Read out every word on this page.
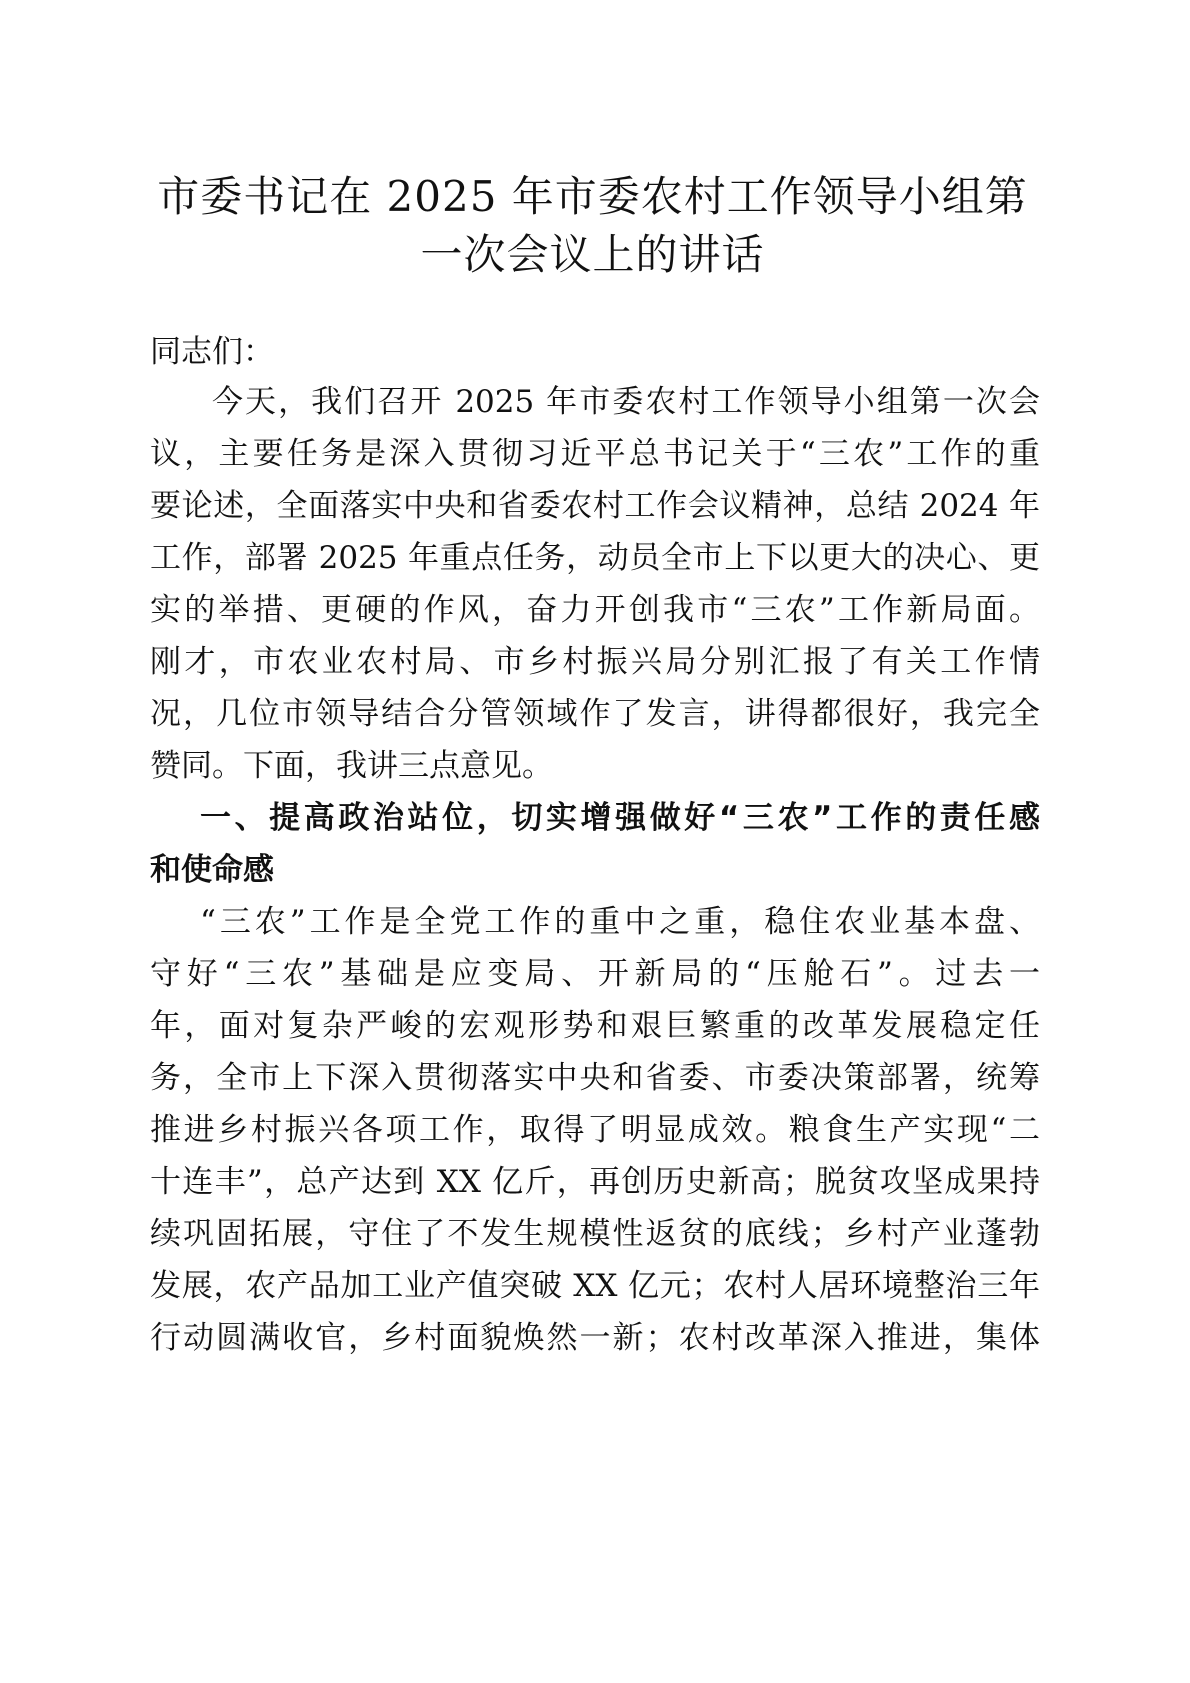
市委书记在 2025 年市委农村工作领导小组第
一次会议上的讲话
同志们：
今天，我们召开 2025 年市委农村工作领导小组第一次会
议，主要任务是深入贯彻习近平总书记关于“三农”工作的重
要论述，全面落实中央和省委农村工作会议精神，总结 2024 年
工作，部署 2025 年重点任务，动员全市上下以更大的决心、更
实的举措、更硬的作风，奋力开创我市“三农”工作新局面。
刚才，市农业农村局、市乡村振兴局分别汇报了有关工作情
况，几位市领导结合分管领域作了发言，讲得都很好，我完全
赞同。下面，我讲三点意见。
一、提高政治站位，切实增强做好“三农”工作的责任感
和使命感
“三农”工作是全党工作的重中之重，稳住农业基本盘、
守好“三农”基础是应变局、开新局的“压舱石”。过去一
年，面对复杂严峻的宏观形势和艰巨繁重的改革发展稳定任
务，全市上下深入贯彻落实中央和省委、市委决策部署，统筹
推进乡村振兴各项工作，取得了明显成效。粮食生产实现“二
十连丰”，总产达到 XX 亿斤，再创历史新高；脱贫攻坚成果持
续巩固拓展，守住了不发生规模性返贫的底线；乡村产业蓬勃
发展，农产品加工业产值突破 XX 亿元；农村人居环境整治三年
行动圆满收官，乡村面貌焕然一新；农村改革深入推进，集体
